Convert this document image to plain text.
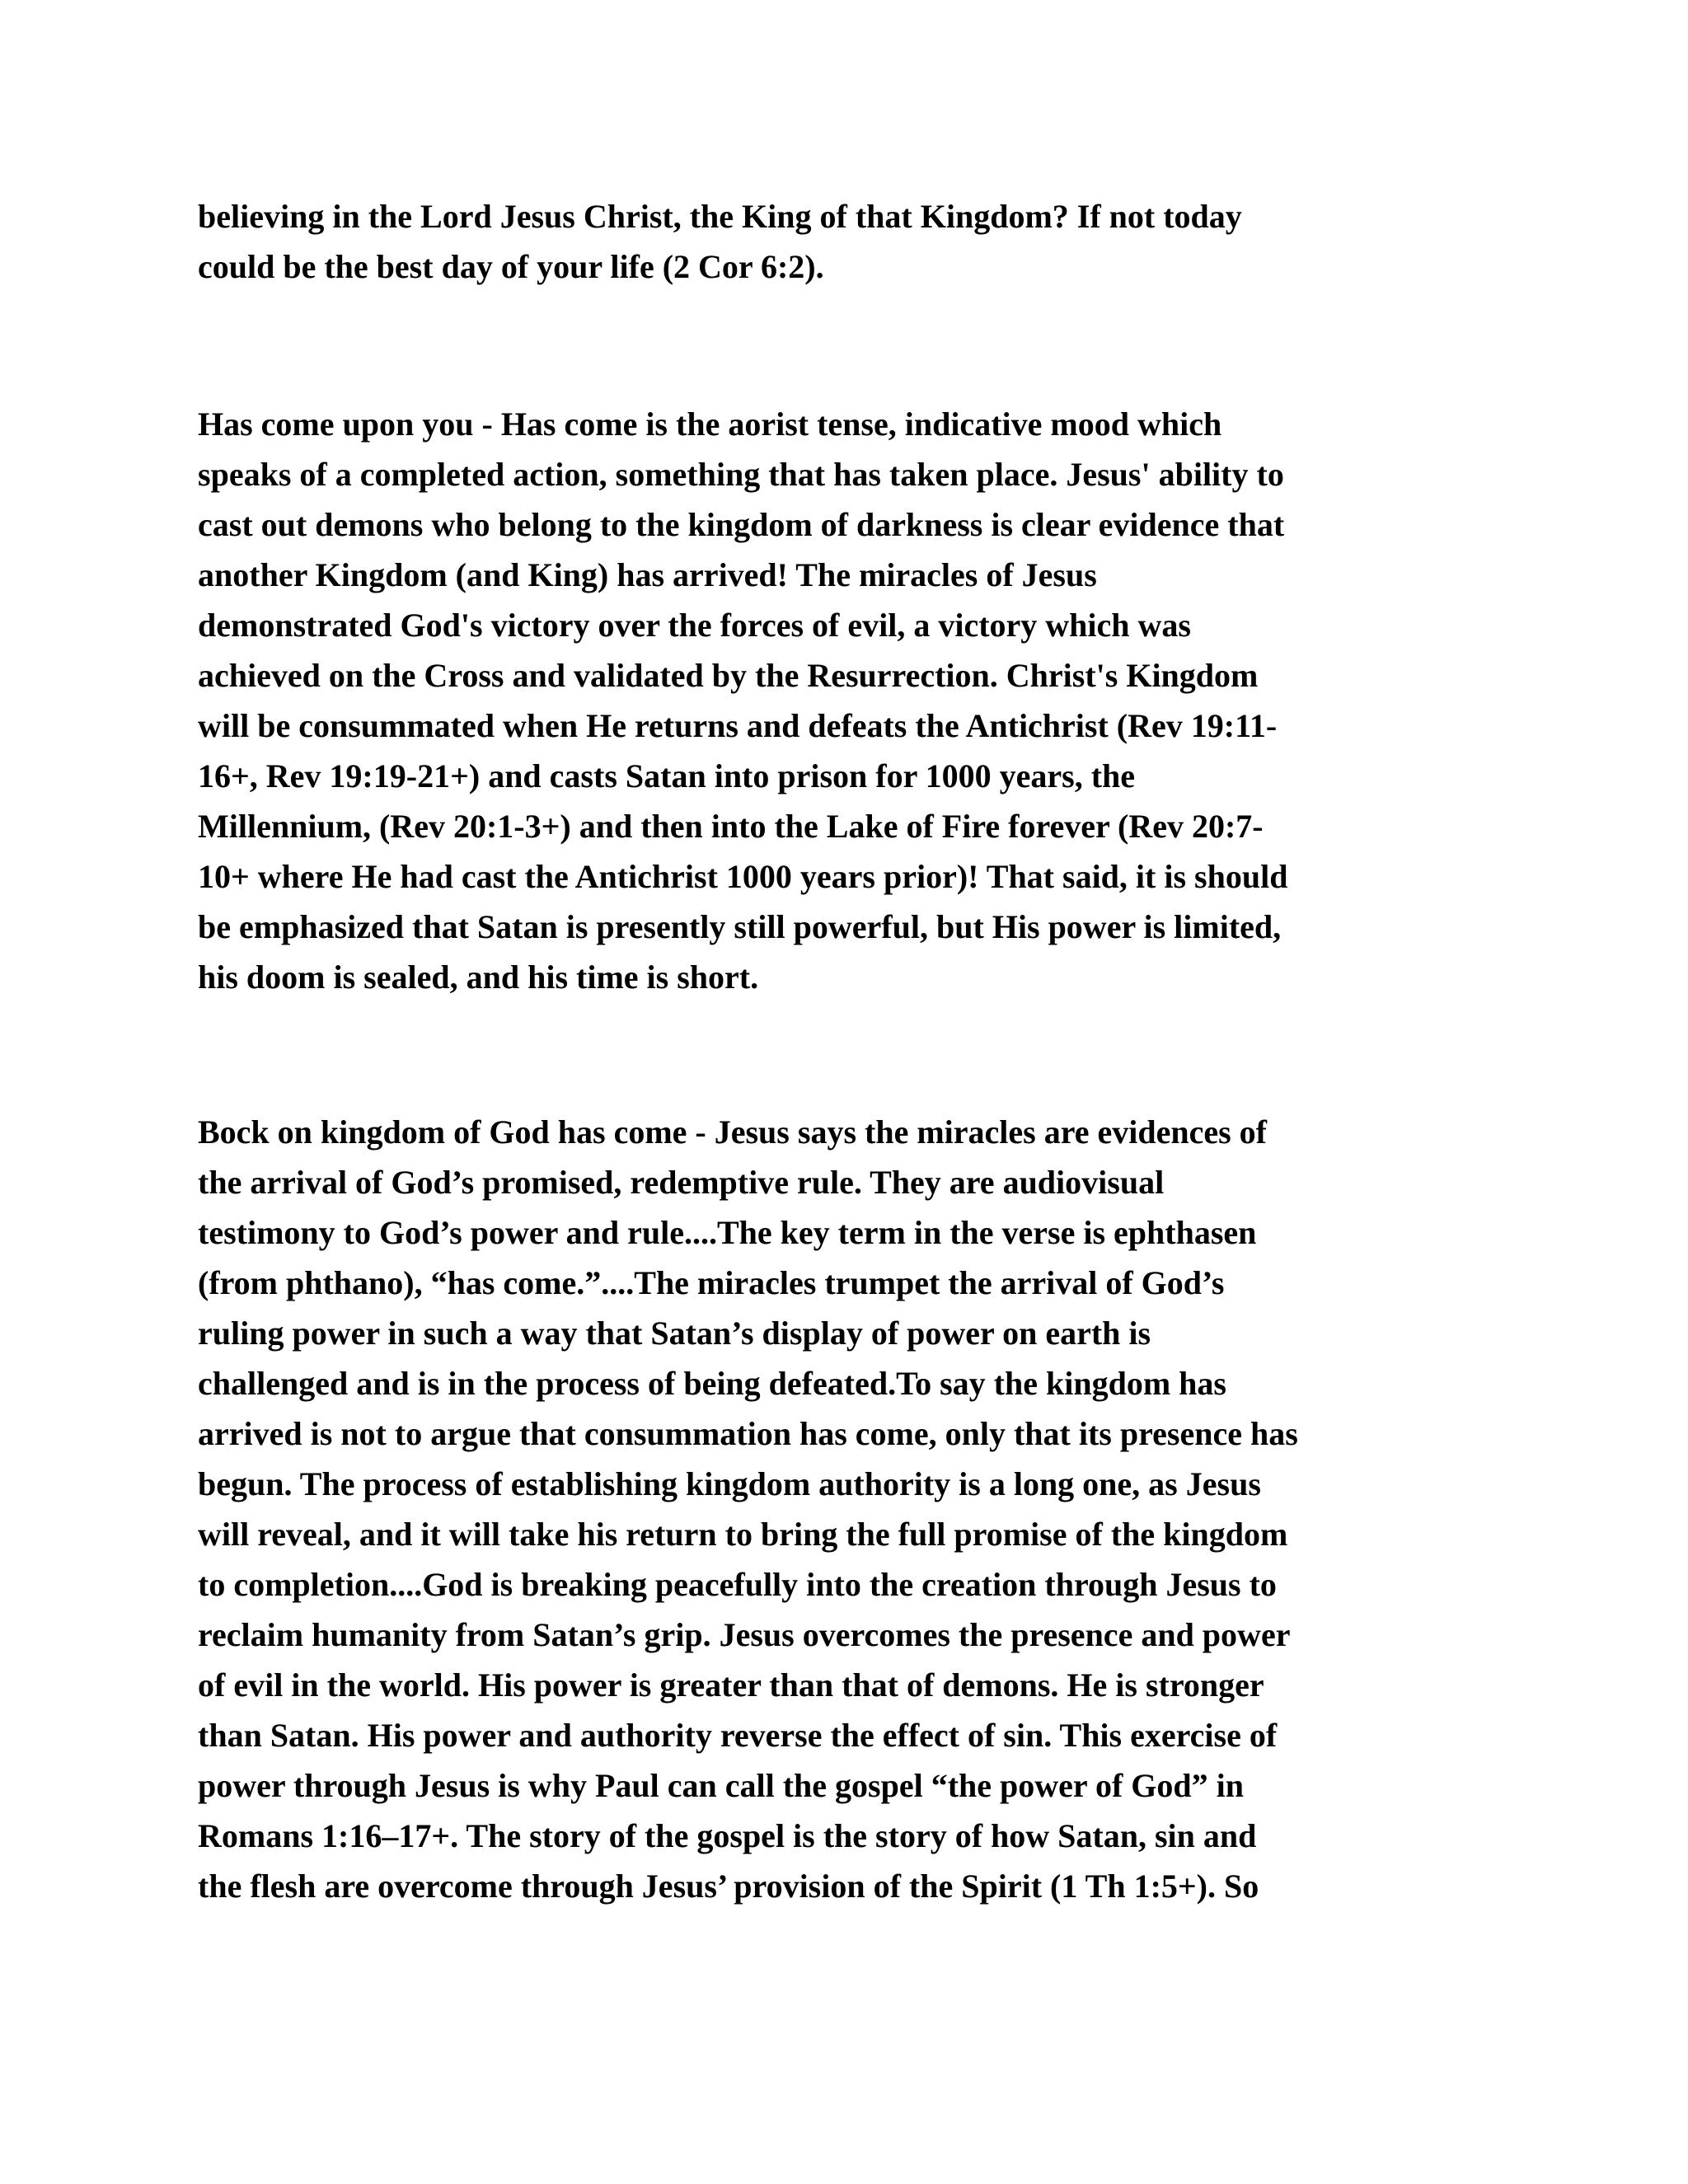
believing in the Lord Jesus Christ, the King of that Kingdom? If not today
could be the best day of your life (2 Cor 6:2).

Has come upon you - Has come is the aorist tense, indicative mood which
speaks of a completed action, something that has taken place. Jesus' ability to
cast out demons who belong to the kingdom of darkness is clear evidence that
another Kingdom (and King) has arrived! The miracles of Jesus
demonstrated God's victory over the forces of evil, a victory which was
achieved on the Cross and validated by the Resurrection. Christ's Kingdom
will be consummated when He returns and defeats the Antichrist (Rev 19:11-
16+, Rev 19:19-21+) and casts Satan into prison for 1000 years, the
Millennium, (Rev 20:1-3+) and then into the Lake of Fire forever (Rev 20:7-
10+ where He had cast the Antichrist 1000 years prior)! That said, it is should
be emphasized that Satan is presently still powerful, but His power is limited,
his doom is sealed, and his time is short.

Bock on kingdom of God has come - Jesus says the miracles are evidences of
the arrival of God’s promised, redemptive rule. They are audiovisual
testimony to God’s power and rule....The key term in the verse is ephthasen
(from phthano), “has come.”....The miracles trumpet the arrival of God’s
ruling power in such a way that Satan’s display of power on earth is
challenged and is in the process of being defeated.To say the kingdom has
arrived is not to argue that consummation has come, only that its presence has
begun. The process of establishing kingdom authority is a long one, as Jesus
will reveal, and it will take his return to bring the full promise of the kingdom
to completion....God is breaking peacefully into the creation through Jesus to
reclaim humanity from Satan’s grip. Jesus overcomes the presence and power
of evil in the world. His power is greater than that of demons. He is stronger
than Satan. His power and authority reverse the effect of sin. This exercise of
power through Jesus is why Paul can call the gospel “the power of God” in
Romans 1:16–17+. The story of the gospel is the story of how Satan, sin and
the flesh are overcome through Jesus’ provision of the Spirit (1 Th 1:5+). So
